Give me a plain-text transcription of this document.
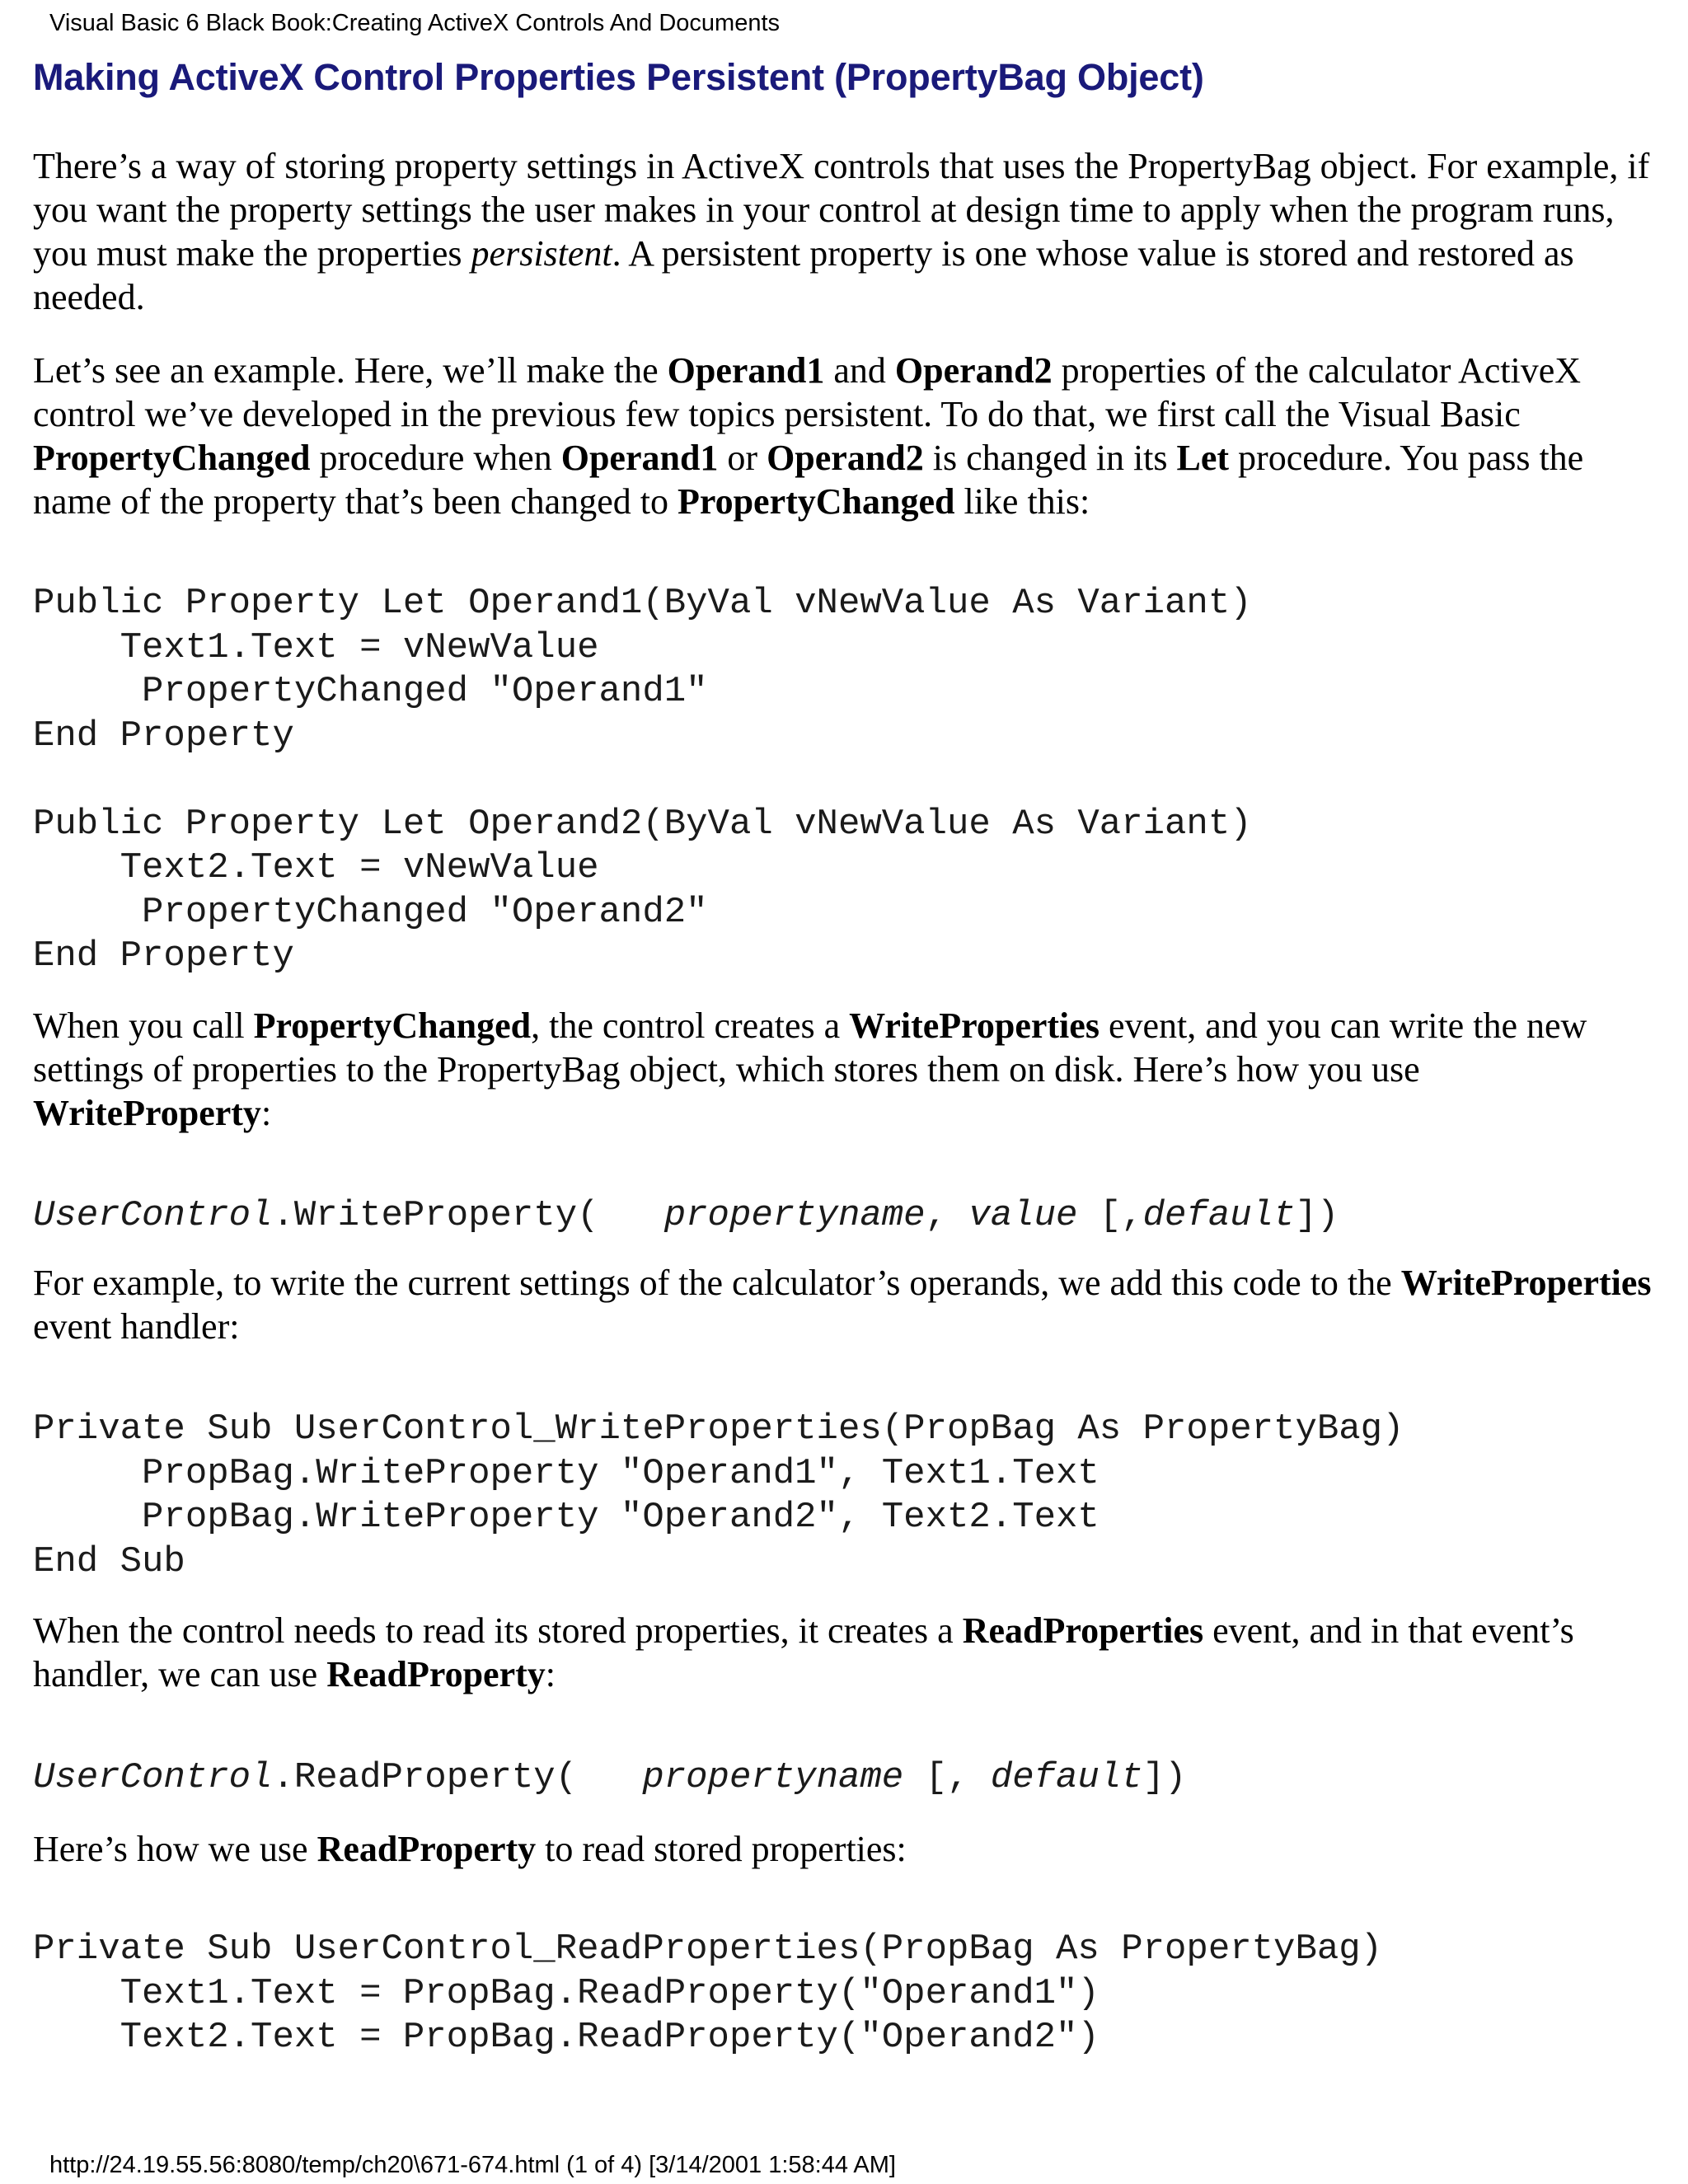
Visual Basic 6 Black Book:Creating ActiveX Controls And Documents
Making ActiveX Control Properties Persistent (PropertyBag Object)

There’s a way of storing property settings in ActiveX controls that uses the PropertyBag object. For example, if you want the property settings the user makes in your control at design time to apply when the program runs, you must make the properties persistent. A persistent property is one whose value is stored and restored as needed.

Let’s see an example. Here, we’ll make the Operand1 and Operand2 properties of the calculator ActiveX control we’ve developed in the previous few topics persistent. To do that, we first call the Visual Basic PropertyChanged procedure when Operand1 or Operand2 is changed in its Let procedure. You pass the name of the property that’s been changed to PropertyChanged like this:

Public Property Let Operand1(ByVal vNewValue As Variant)
Text1.Text = vNewValue
PropertyChanged "Operand1"
End Property

Public Property Let Operand2(ByVal vNewValue As Variant)
Text2.Text = vNewValue
PropertyChanged "Operand2"
End Property

When you call PropertyChanged, the control creates a WriteProperties event, and you can write the new settings of properties to the PropertyBag object, which stores them on disk. Here’s how you use WriteProperty:

UserControl.WriteProperty(   propertyname, value [,default])

For example, to write the current settings of the calculator’s operands, we add this code to the WriteProperties event handler:

Private Sub UserControl_WriteProperties(PropBag As PropertyBag)
PropBag.WriteProperty "Operand1", Text1.Text
PropBag.WriteProperty "Operand2", Text2.Text
End Sub

When the control needs to read its stored properties, it creates a ReadProperties event, and in that event’s handler, we can use ReadProperty:

UserControl.ReadProperty(   propertyname [, default])

Here’s how we use ReadProperty to read stored properties:

Private Sub UserControl_ReadProperties(PropBag As PropertyBag)
Text1.Text = PropBag.ReadProperty("Operand1")
Text2.Text = PropBag.ReadProperty("Operand2")
http://24.19.55.56:8080/temp/ch20\671-674.html (1 of 4) [3/14/2001 1:58:44 AM]
